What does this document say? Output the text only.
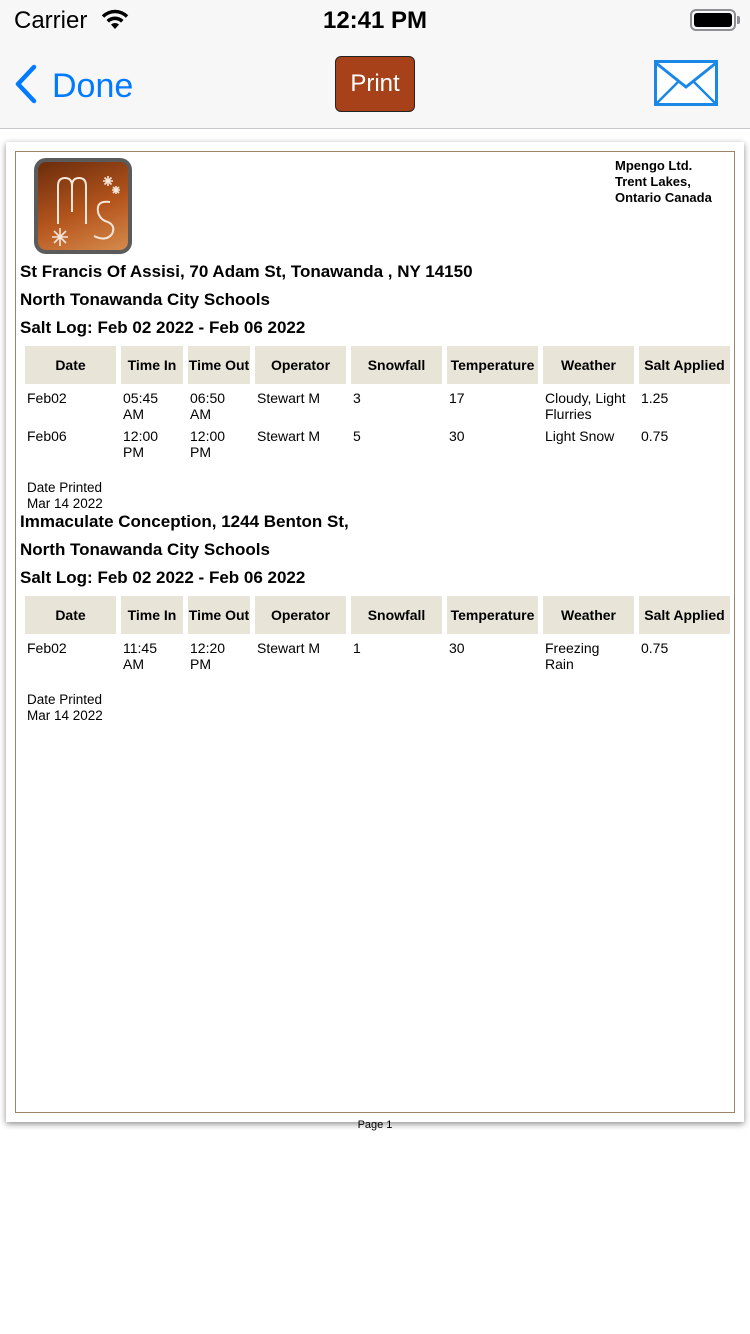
Carrier	12:41 PM
Done	Print
Mpengo Ltd.
Trent Lakes,
Ontario Canada
St Francis Of Assisi, 70 Adam St, Tonawanda , NY 14150
North Tonawanda City Schools
Salt Log: Feb 02 2022 - Feb 06 2022
Date	Time In	Time Out	Operator	Snowfall	Temperature	Weather	Salt Applied
Feb02	05:45 AM	06:50 AM	Stewart M	3	17	Cloudy, Light Flurries	1.25
Feb06	12:00 PM	12:00 PM	Stewart M	5	30	Light Snow	0.75
Date Printed
Mar 14 2022
Immaculate Conception, 1244 Benton St,
North Tonawanda City Schools
Salt Log: Feb 02 2022 - Feb 06 2022
Date	Time In	Time Out	Operator	Snowfall	Temperature	Weather	Salt Applied
Feb02	11:45 AM	12:20 PM	Stewart M	1	30	Freezing Rain	0.75
Date Printed
Mar 14 2022
Page 1
